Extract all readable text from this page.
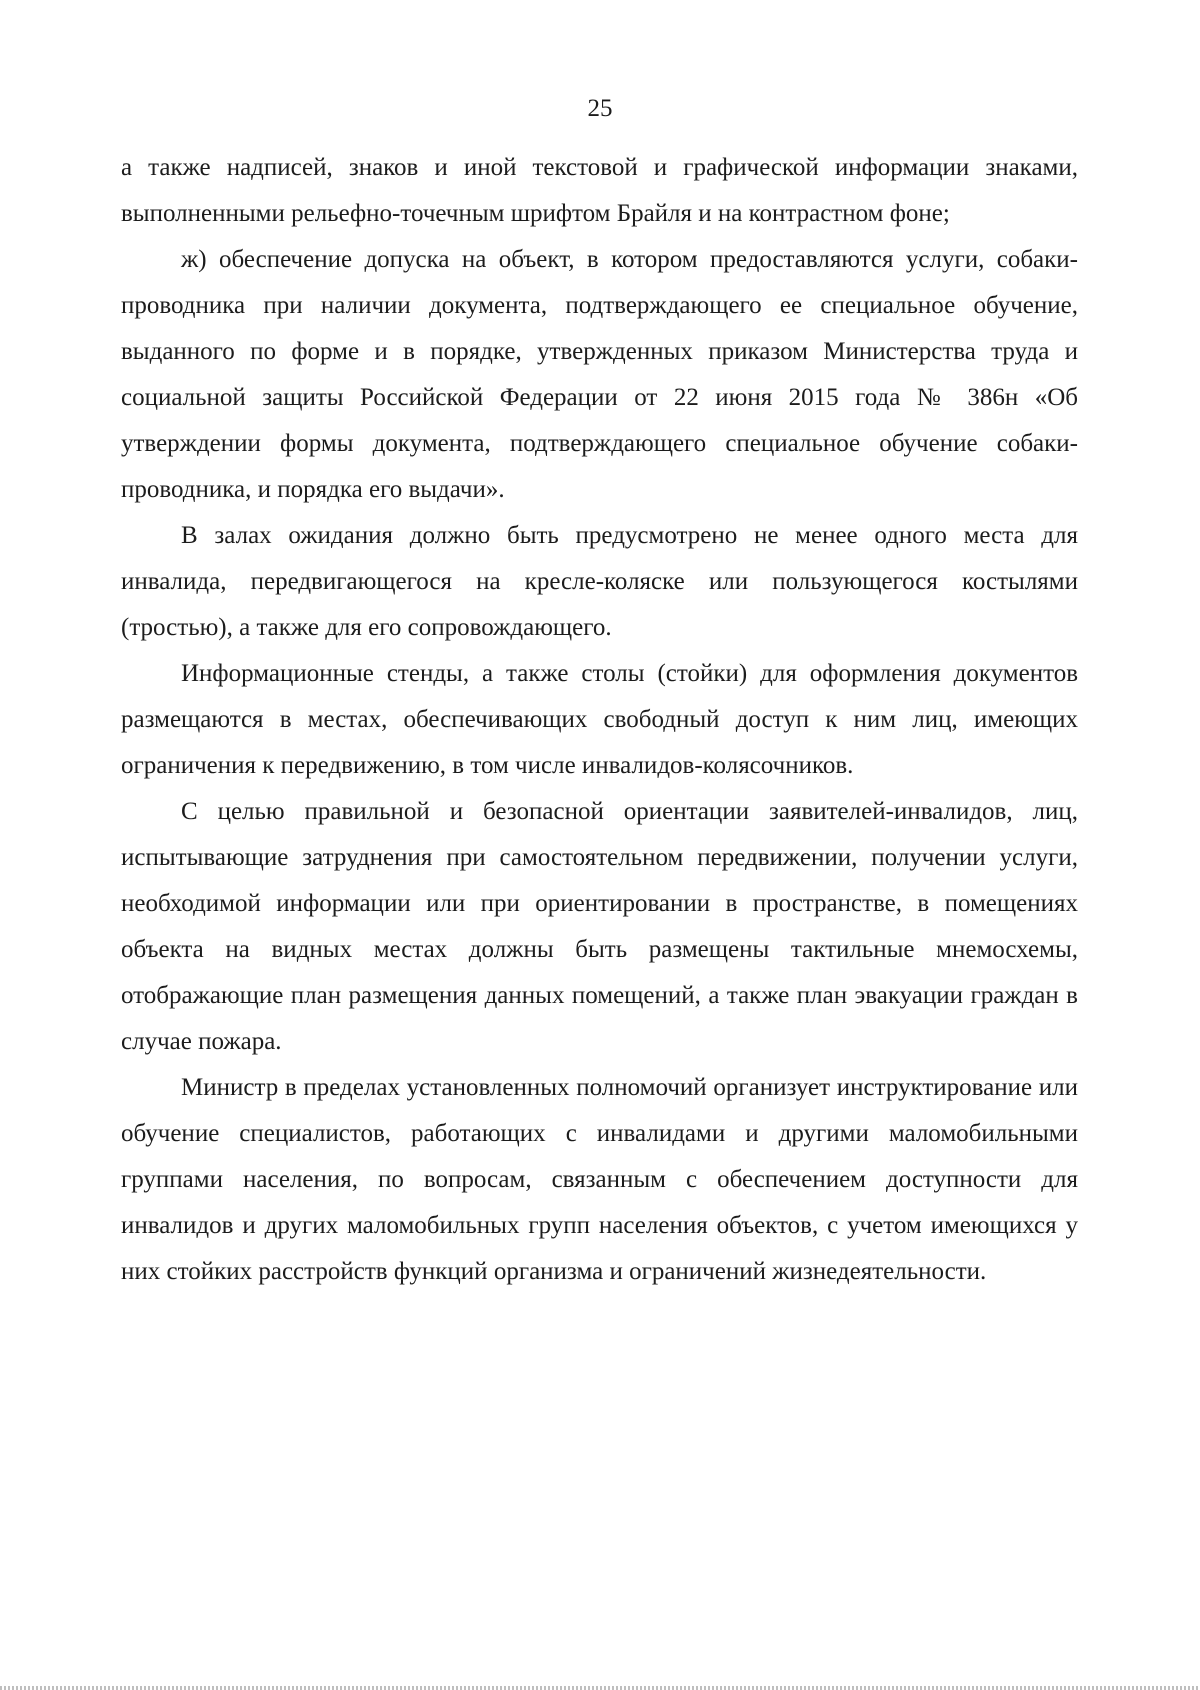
25

а также надписей, знаков и иной текстовой и графической информации знаками, выполненными рельефно-точечным шрифтом Брайля и на контрастном фоне;

ж) обеспечение допуска на объект, в котором предоставляются услуги, собаки-проводника при наличии документа, подтверждающего ее специальное обучение, выданного по форме и в порядке, утвержденных приказом Министерства труда и социальной защиты Российской Федерации от 22 июня 2015 года № 386н «Об утверждении формы документа, подтверждающего специальное обучение собаки-проводника, и порядка его выдачи».

В залах ожидания должно быть предусмотрено не менее одного места для инвалида, передвигающегося на кресле-коляске или пользующегося костылями (тростью), а также для его сопровождающего.

Информационные стенды, а также столы (стойки) для оформления документов размещаются в местах, обеспечивающих свободный доступ к ним лиц, имеющих ограничения к передвижению, в том числе инвалидов-колясочников.

С целью правильной и безопасной ориентации заявителей-инвалидов, лиц, испытывающие затруднения при самостоятельном передвижении, получении услуги, необходимой информации или при ориентировании в пространстве, в помещениях объекта на видных местах должны быть размещены тактильные мнемосхемы, отображающие план размещения данных помещений, а также план эвакуации граждан в случае пожара.

Министр в пределах установленных полномочий организует инструктирование или обучение специалистов, работающих с инвалидами и другими маломобильными группами населения, по вопросам, связанным с обеспечением доступности для инвалидов и других маломобильных групп населения объектов, с учетом имеющихся у них стойких расстройств функций организма и ограничений жизнедеятельности.
